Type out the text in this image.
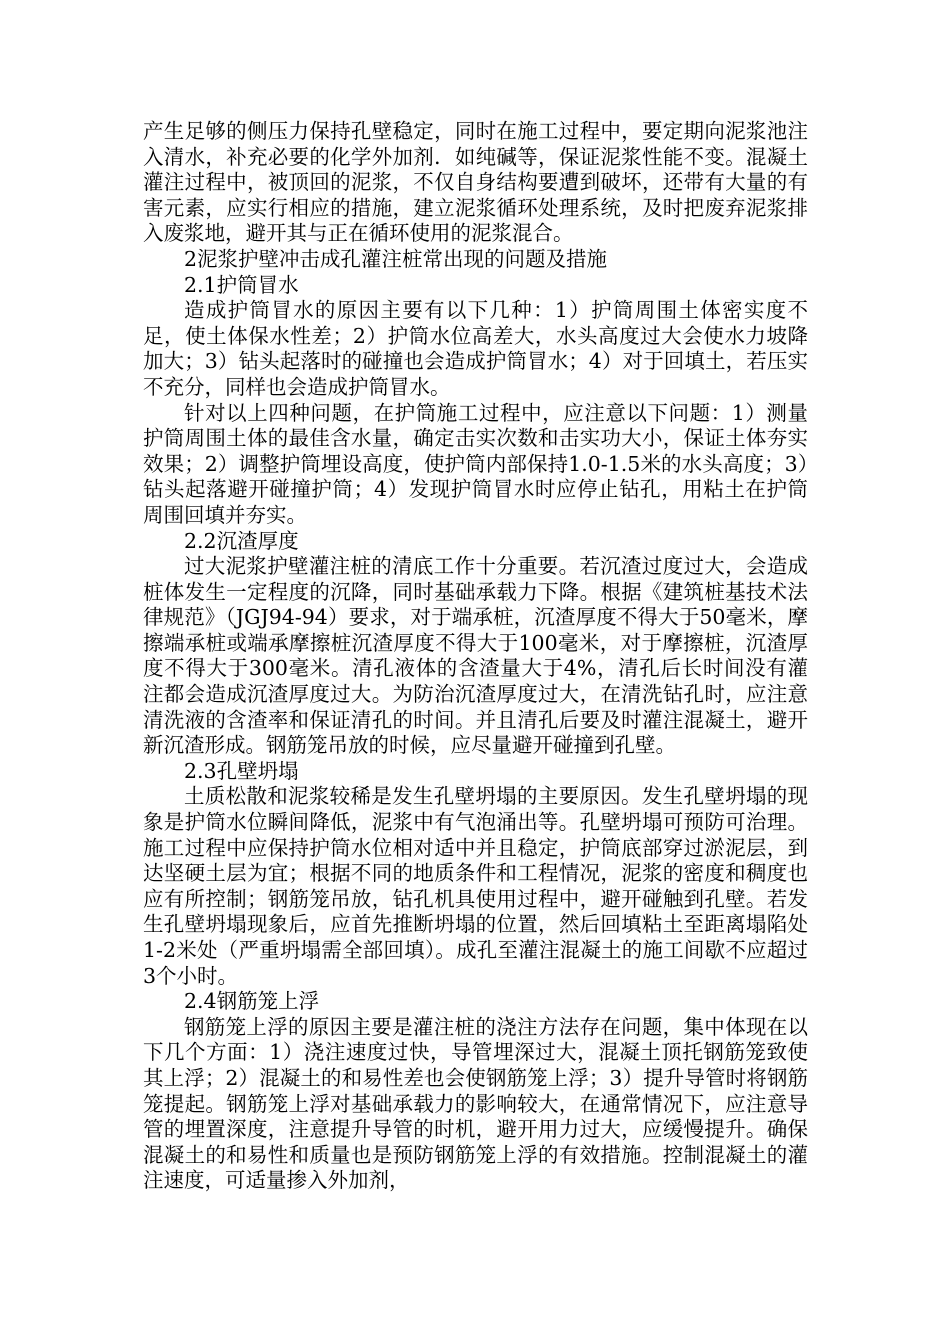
产生足够的侧压力保持孔壁稳定，同时在施工过程中，要定期向泥浆池注入清水，补充必要的化学外加剂．如纯碱等，保证泥浆性能不变。混凝土灌注过程中，被顶回的泥浆，不仅自身结构要遭到破坏，还带有大量的有害元素，应实行相应的措施，建立泥浆循环处理系统，及时把废弃泥浆排入废浆地，避开其与正在循环使用的泥浆混合。

2泥浆护壁冲击成孔灌注桩常出现的问题及措施

2.1护筒冒水

造成护筒冒水的原因主要有以下几种：1）护筒周围土体密实度不足，使土体保水性差；2）护筒水位高差大，水头高度过大会使水力坡降加大；3）钻头起落时的碰撞也会造成护筒冒水；4）对于回填土，若压实不充分，同样也会造成护筒冒水。

针对以上四种问题，在护筒施工过程中，应注意以下问题：1）测量护筒周围土体的最佳含水量，确定击实次数和击实功大小，保证土体夯实效果；2）调整护筒埋设高度，使护筒内部保持1.0-1.5米的水头高度；3）钻头起落避开碰撞护筒；4）发现护筒冒水时应停止钻孔，用粘土在护筒周围回填并夯实。

2.2沉渣厚度

过大泥浆护壁灌注桩的清底工作十分重要。若沉渣过度过大，会造成桩体发生一定程度的沉降，同时基础承载力下降。根据《建筑桩基技术法律规范》（JGJ94-94）要求，对于端承桩，沉渣厚度不得大于50毫米，摩擦端承桩或端承摩擦桩沉渣厚度不得大于100毫米，对于摩擦桩，沉渣厚度不得大于300毫米。清孔液体的含渣量大于4%，清孔后长时间没有灌注都会造成沉渣厚度过大。为防治沉渣厚度过大，在清洗钻孔时，应注意清洗液的含渣率和保证清孔的时间。并且清孔后要及时灌注混凝土，避开新沉渣形成。钢筋笼吊放的时候，应尽量避开碰撞到孔壁。

2.3孔壁坍塌

土质松散和泥浆较稀是发生孔壁坍塌的主要原因。发生孔壁坍塌的现象是护筒水位瞬间降低，泥浆中有气泡涌出等。孔壁坍塌可预防可治理。施工过程中应保持护筒水位相对适中并且稳定，护筒底部穿过淤泥层，到达坚硬土层为宜；根据不同的地质条件和工程情况，泥浆的密度和稠度也应有所控制；钢筋笼吊放，钻孔机具使用过程中，避开碰触到孔壁。若发生孔壁坍塌现象后，应首先推断坍塌的位置，然后回填粘土至距离塌陷处1-2米处（严重坍塌需全部回填）。成孔至灌注混凝土的施工间歇不应超过3个小时。

2.4钢筋笼上浮

钢筋笼上浮的原因主要是灌注桩的浇注方法存在问题，集中体现在以下几个方面：1）浇注速度过快，导管埋深过大，混凝土顶托钢筋笼致使其上浮；2）混凝土的和易性差也会使钢筋笼上浮；3）提升导管时将钢筋笼提起。钢筋笼上浮对基础承载力的影响较大，在通常情况下，应注意导管的埋置深度，注意提升导管的时机，避开用力过大，应缓慢提升。确保混凝土的和易性和质量也是预防钢筋笼上浮的有效措施。控制混凝土的灌注速度，可适量掺入外加剂，
